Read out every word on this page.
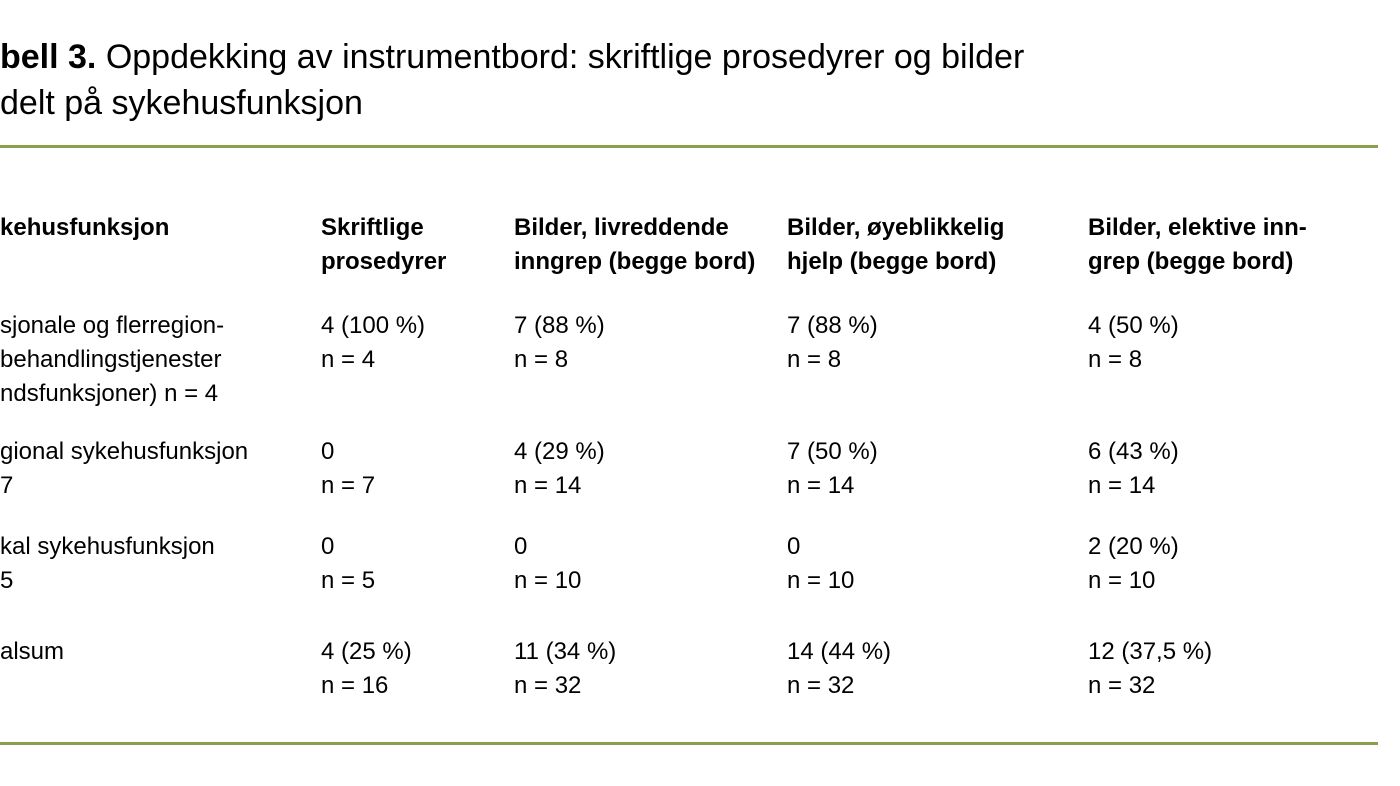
bell 3. Oppdekking av instrumentbord: skriftlige prosedyrer og bilder
delt på sykehusfunksjon
kehusfunksjon	Skriftlige
prosedyrer
Bilder, livreddende
inngrep (begge bord)
Bilder, øyeblikkelig
hjelp (begge bord)
Bilder, elektive inn-
grep (begge bord)
sjonale og flerregion-
behandlingstjenester
ndsfunksjoner) n = 4
4 (100 %)
n = 4
7 (88 %)
n = 8
7 (88 %)
n = 8
4 (50 %)
n = 8
gional sykehusfunksjon
7
0
n = 7
4 (29 %)
n = 14
7 (50 %)
n = 14
6 (43 %)
n = 14
kal sykehusfunksjon
5
0
n = 5
0
n = 10
0
n = 10
2 (20 %)
n = 10
alsum	4 (25 %)
n = 16
11 (34 %)
n = 32
14 (44 %)
n = 32
12 (37,5 %)
n = 32
